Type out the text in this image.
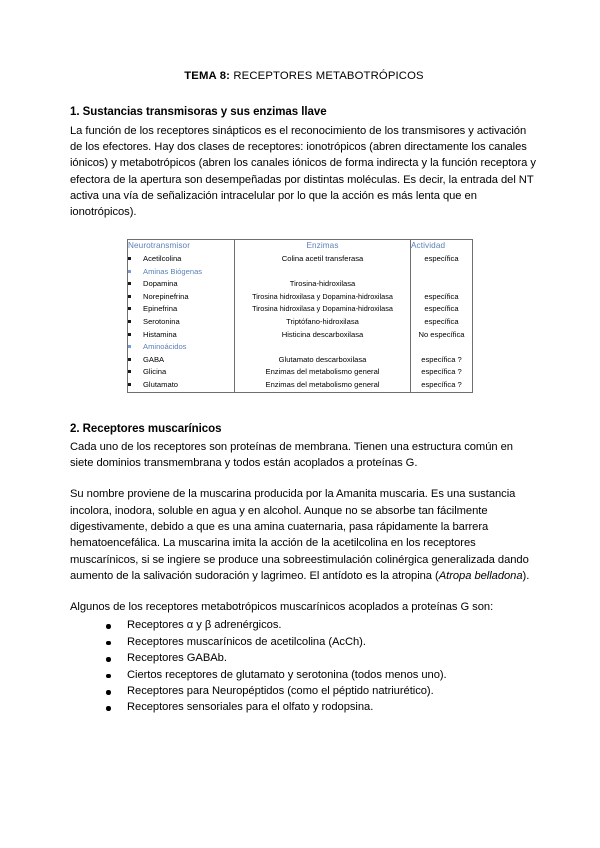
TEMA 8: RECEPTORES METABOTRÓPICOS
1. Sustancias transmisoras y sus enzimas llave

La función de los receptores sinápticos es el reconocimiento de los transmisores y activación de los efectores. Hay dos clases de receptores: ionotrópicos (abren directamente los canales iónicos) y metabotrópicos (abren los canales iónicos de forma indirecta y la función receptora y efectora de la apertura son desempeñadas por distintas moléculas. Es decir, la entrada del NT activa una vía de señalización intracelular por lo que la acción es más lenta que en ionotrópicos).

Neurotransmisor	Enzimas	Actividad
Acetilcolina	Colina acetil transferasa	específica
Aminas Biógenas		
Dopamina	Tirosina-hidroxilasa	
Norepinefrina	Tirosina hidroxilasa y Dopamina-hidroxilasa	específica
Epinefrina	Tirosina hidroxilasa y Dopamina-hidroxilasa	específica
Serotonina	Triptófano-hidroxilasa	específica
Histamina	Histicina descarboxilasa	No específica
Aminoácidos		
GABA	Glutamato descarboxilasa	específica ?
Glicina	Enzimas del metabolismo general	específica ?
Glutamato	Enzimas del metabolismo general	específica ?
2. Receptores muscarínicos

Cada uno de los receptores son proteínas de membrana. Tienen una estructura común en siete dominios transmembrana y todos están acoplados a proteínas G.

Su nombre proviene de la muscarina producida por la Amanita muscaria. Es una sustancia incolora, inodora, soluble en agua y en alcohol. Aunque no se absorbe tan fácilmente digestivamente, debido a que es una amina cuaternaria, pasa rápidamente la barrera hematoencefálica. La muscarina imita la acción de la acetilcolina en los receptores muscarínicos, si se ingiere se produce una sobreestimulación colinérgica generalizada dando aumento de la salivación sudoración y lagrimeo. El antídoto es la atropina (Atropa belladona).

Algunos de los receptores metabotrópicos muscarínicos acoplados a proteínas G son:

Receptores α y β adrenérgicos.
Receptores muscarínicos de acetilcolina (AcCh).
Receptores GABAb.
Ciertos receptores de glutamato y serotonina (todos menos uno).
Receptores para Neuropéptidos (como el péptido natriurético).
Receptores sensoriales para el olfato y rodopsina.
